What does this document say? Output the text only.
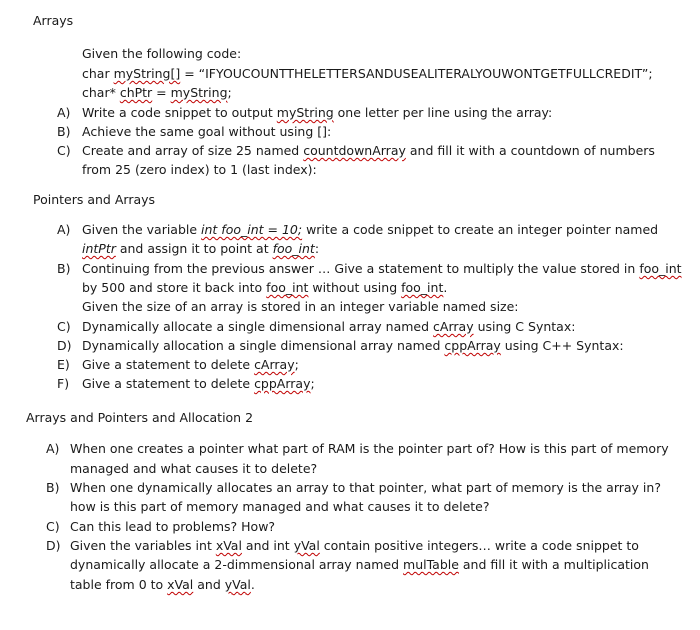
Arrays
Given the following code:
char myString[] = “IFYOUCOUNTTHELETTERSANDUSEALITERALYOUWONTGETFULLCREDIT”;
char* chPtr = myString;
A) Write a code snippet to output myString one letter per line using the array:
B) Achieve the same goal without using []:
C) Create and array of size 25 named countdownArray and fill it with a countdown of numbers
from 25 (zero index) to 1 (last index):
Pointers and Arrays
A) Given the variable int foo_int = 10; write a code snippet to create an integer pointer named
intPtr and assign it to point at foo_int:
B) Continuing from the previous answer … Give a statement to multiply the value stored in foo_int
by 500 and store it back into foo_int without using foo_int.
Given the size of an array is stored in an integer variable named size:
C) Dynamically allocate a single dimensional array named cArray using C Syntax:
D) Dynamically allocation a single dimensional array named cppArray using C++ Syntax:
E) Give a statement to delete cArray;
F) Give a statement to delete cppArray;
Arrays and Pointers and Allocation 2
A) When one creates a pointer what part of RAM is the pointer part of? How is this part of memory
managed and what causes it to delete?
B) When one dynamically allocates an array to that pointer, what part of memory is the array in?
how is this part of memory managed and what causes it to delete?
C) Can this lead to problems? How?
D) Given the variables int xVal and int yVal contain positive integers… write a code snippet to
dynamically allocate a 2-dimmensional array named mulTable and fill it with a multiplication
table from 0 to xVal and yVal.
